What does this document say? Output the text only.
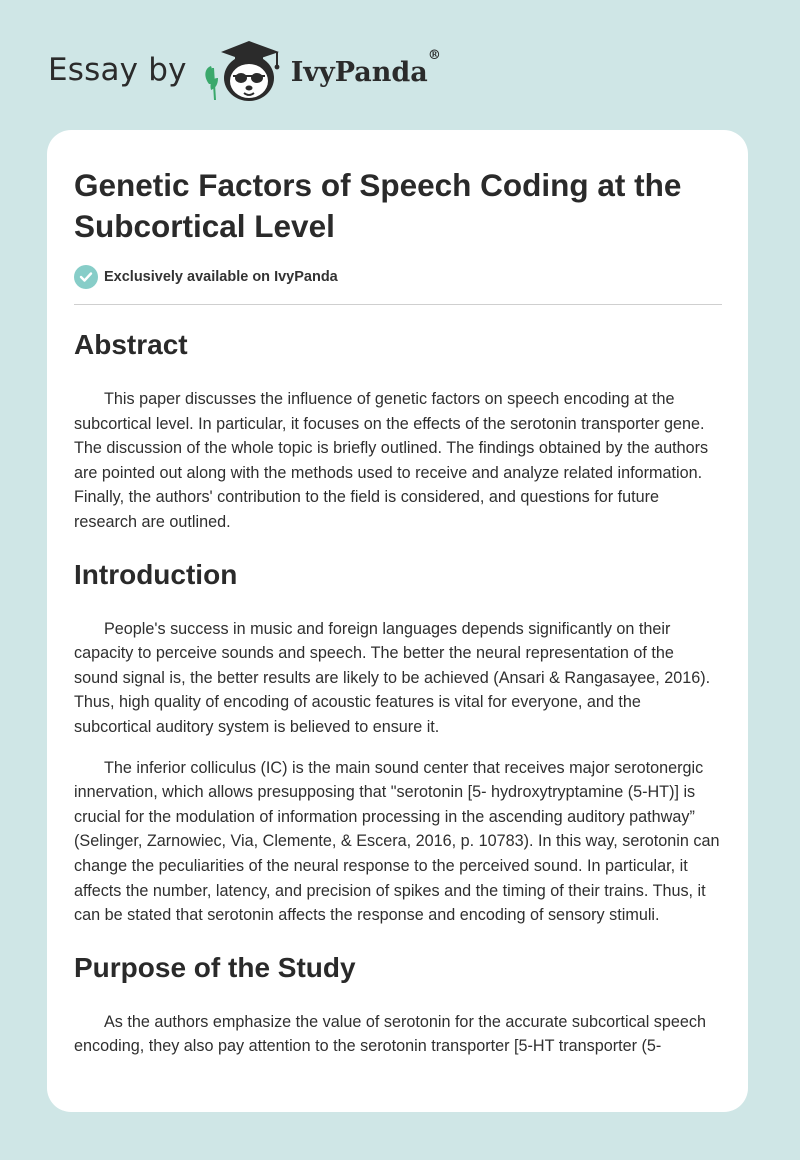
Essay by	IvyPanda®
Genetic Factors of Speech Coding at the Subcortical Level
Exclusively available on IvyPanda
Abstract

This paper discusses the influence of genetic factors on speech encoding at the subcortical level. In particular, it focuses on the effects of the serotonin transporter gene. The discussion of the whole topic is briefly outlined. The findings obtained by the authors are pointed out along with the methods used to receive and analyze related information. Finally, the authors' contribution to the field is considered, and questions for future research are outlined.

Introduction

People's success in music and foreign languages depends significantly on their capacity to perceive sounds and speech. The better the neural representation of the sound signal is, the better results are likely to be achieved (Ansari & Rangasayee, 2016). Thus, high quality of encoding of acoustic features is vital for everyone, and the subcortical auditory system is believed to ensure it.

The inferior colliculus (IC) is the main sound center that receives major serotonergic innervation, which allows presupposing that "serotonin [5- hydroxytryptamine (5-HT)] is crucial for the modulation of information processing in the ascending auditory pathway” (Selinger, Zarnowiec, Via, Clemente, & Escera, 2016, p. 10783). In this way, serotonin can change the peculiarities of the neural response to the perceived sound. In particular, it affects the number, latency, and precision of spikes and the timing of their trains. Thus, it can be stated that serotonin affects the response and encoding of sensory stimuli.

Purpose of the Study

As the authors emphasize the value of serotonin for the accurate subcortical speech encoding, they also pay attention to the serotonin transporter [5-HT transporter (5-
